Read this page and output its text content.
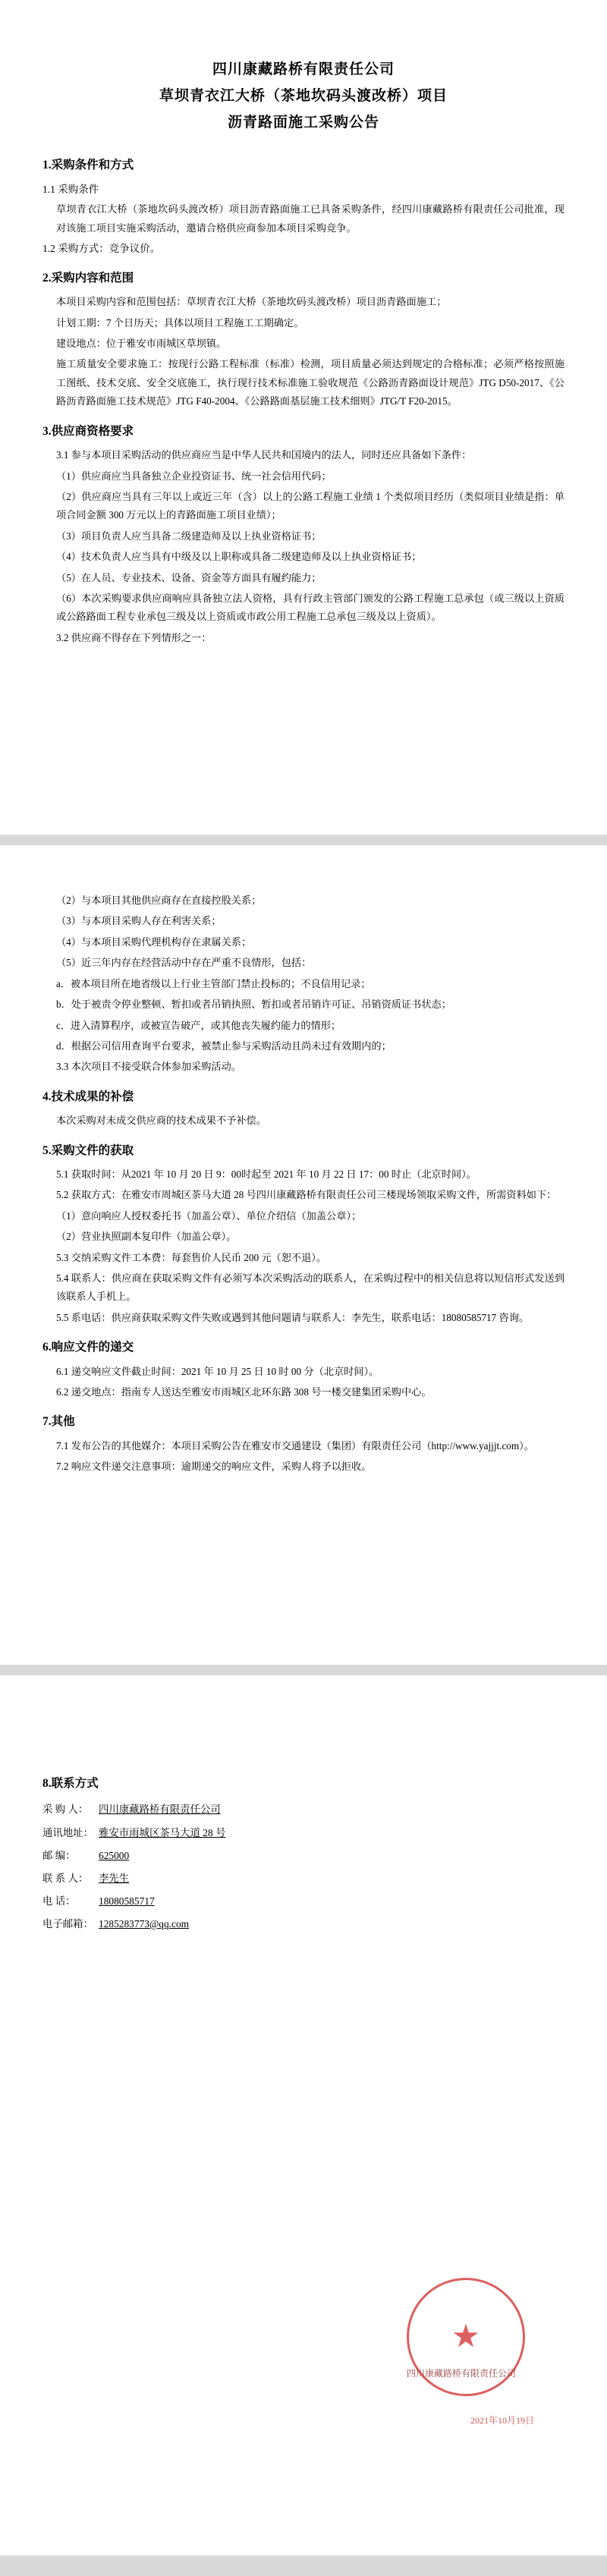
四川康藏路桥有限责任公司
草坝青衣江大桥（茶地坎码头渡改桥）项目
沥青路面施工采购公告
1.采购条件和方式
1.1 采购条件

草坝青衣江大桥（茶地坎码头渡改桥）项目沥青路面施工已具备采购条件，经四川康藏路桥有限责任公司批准，现对该施工项目实施采购活动，邀请合格供应商参加本项目采购竞争。

1.2 采购方式：竞争议价。
2.采购内容和范围

本项目采购内容和范围包括：草坝青衣江大桥（茶地坎码头渡改桥）项目沥青路面施工；

计划工期：7 个日历天；具体以项目工程施工工期确定。

建设地点：位于雅安市雨城区草坝镇。

施工质量安全要求施工：按现行公路工程标准（标准）检测，项目质量必须达到规定的合格标准；必须严格按照施工图纸、技术交底、安全交底施工，执行现行技术标准施工验收规范《公路沥青路面设计规范》JTG D50-2017、《公路沥青路面施工技术规范》JTG F40-2004、《公路路面基层施工技术细则》JTG/T F20-2015。

3.供应商资格要求

3.1 参与本项目采购活动的供应商应当是中华人民共和国境内的法人，同时还应具备如下条件：

（1）供应商应当具备独立企业投资证书、统一社会信用代码；

（2）供应商应当具有三年以上或近三年（含）以上的公路工程施工业绩 1 个类似项目经历（类似项目业绩是指：单项合同金额 300 万元以上的青路面施工项目业绩）；

（3）项目负责人应当具备二级建造师及以上执业资格证书；

（4）技术负责人应当具有中级及以上职称或具备二级建造师及以上执业资格证书；

（5）在人员、专业技术、设备、资金等方面具有履约能力；

（6）本次采购要求供应商响应具备独立法人资格，具有行政主管部门颁发的公路工程施工总承包（或三级以上资质或公路路面工程专业承包三级及以上资质或市政公用工程施工总承包三级及以上资质）。

3.2 供应商不得存在下列情形之一：

（2）与本项目其他供应商存在直接控股关系；

（3）与本项目采购人存在利害关系；

（4）与本项目采购代理机构存在隶属关系；

（5）近三年内存在经营活动中存在严重不良情形，包括：

a．被本项目所在地省级以上行业主管部门禁止投标的；不良信用记录；

b．处于被责令停业整顿、暂扣或者吊销执照、暂扣或者吊销许可证、吊销资质证书状态；

c．进入清算程序，或被宣告破产，或其他丧失履约能力的情形；

d．根据公司信用查询平台要求，被禁止参与采购活动且尚未过有效期内的；

3.3 本次项目不接受联合体参加采购活动。

4.技术成果的补偿

本次采购对未成交供应商的技术成果不予补偿。

5.采购文件的获取

5.1 获取时间：从2021 年 10 月 20 日 9：00时起至 2021 年 10 月 22 日 17：00 时止（北京时间）。

5.2 获取方式：在雅安市周城区茶马大道 28 号四川康藏路桥有限责任公司三楼现场领取采购文件，所需资料如下：

（1）意向响应人授权委托书（加盖公章）、单位介绍信（加盖公章）；

（2）营业执照副本复印件（加盖公章）。

5.3 交纳采购文件工本费：每套售价人民币 200 元（恕不退）。

5.4 联系人：供应商在获取采购文件有必须写本次采购活动的联系人，在采购过程中的相关信息将以短信形式发送到该联系人手机上。

5.5 系电话：供应商获取采购文件失败或遇到其他问题请与联系人：李先生，联系电话：18080585717 咨询。

6.响应文件的递交

6.1 递交响应文件截止时间：2021 年 10 月 25 日 10 时 00 分（北京时间）。

6.2 递交地点：指南专人送达至雅安市雨城区北环东路 308 号一楼交建集团采购中心。

7.其他

7.1 发布公告的其他媒介：本项目采购公告在雅安市交通建设（集团）有限责任公司（http://www.yajjjt.com）。

7.2 响应文件递交注意事项：逾期递交的响应文件，采购人将予以拒收。

8.联系方式
采 购 人： 四川康藏路桥有限责任公司
通讯地址： 雅安市雨城区茶马大道 28 号
邮 编： 625000
联 系 人： 李先生
电 话： 18080585717
电子邮箱： 1285283773@qq.com
★
四川康藏路桥有限责任公司
2021年10月19日
